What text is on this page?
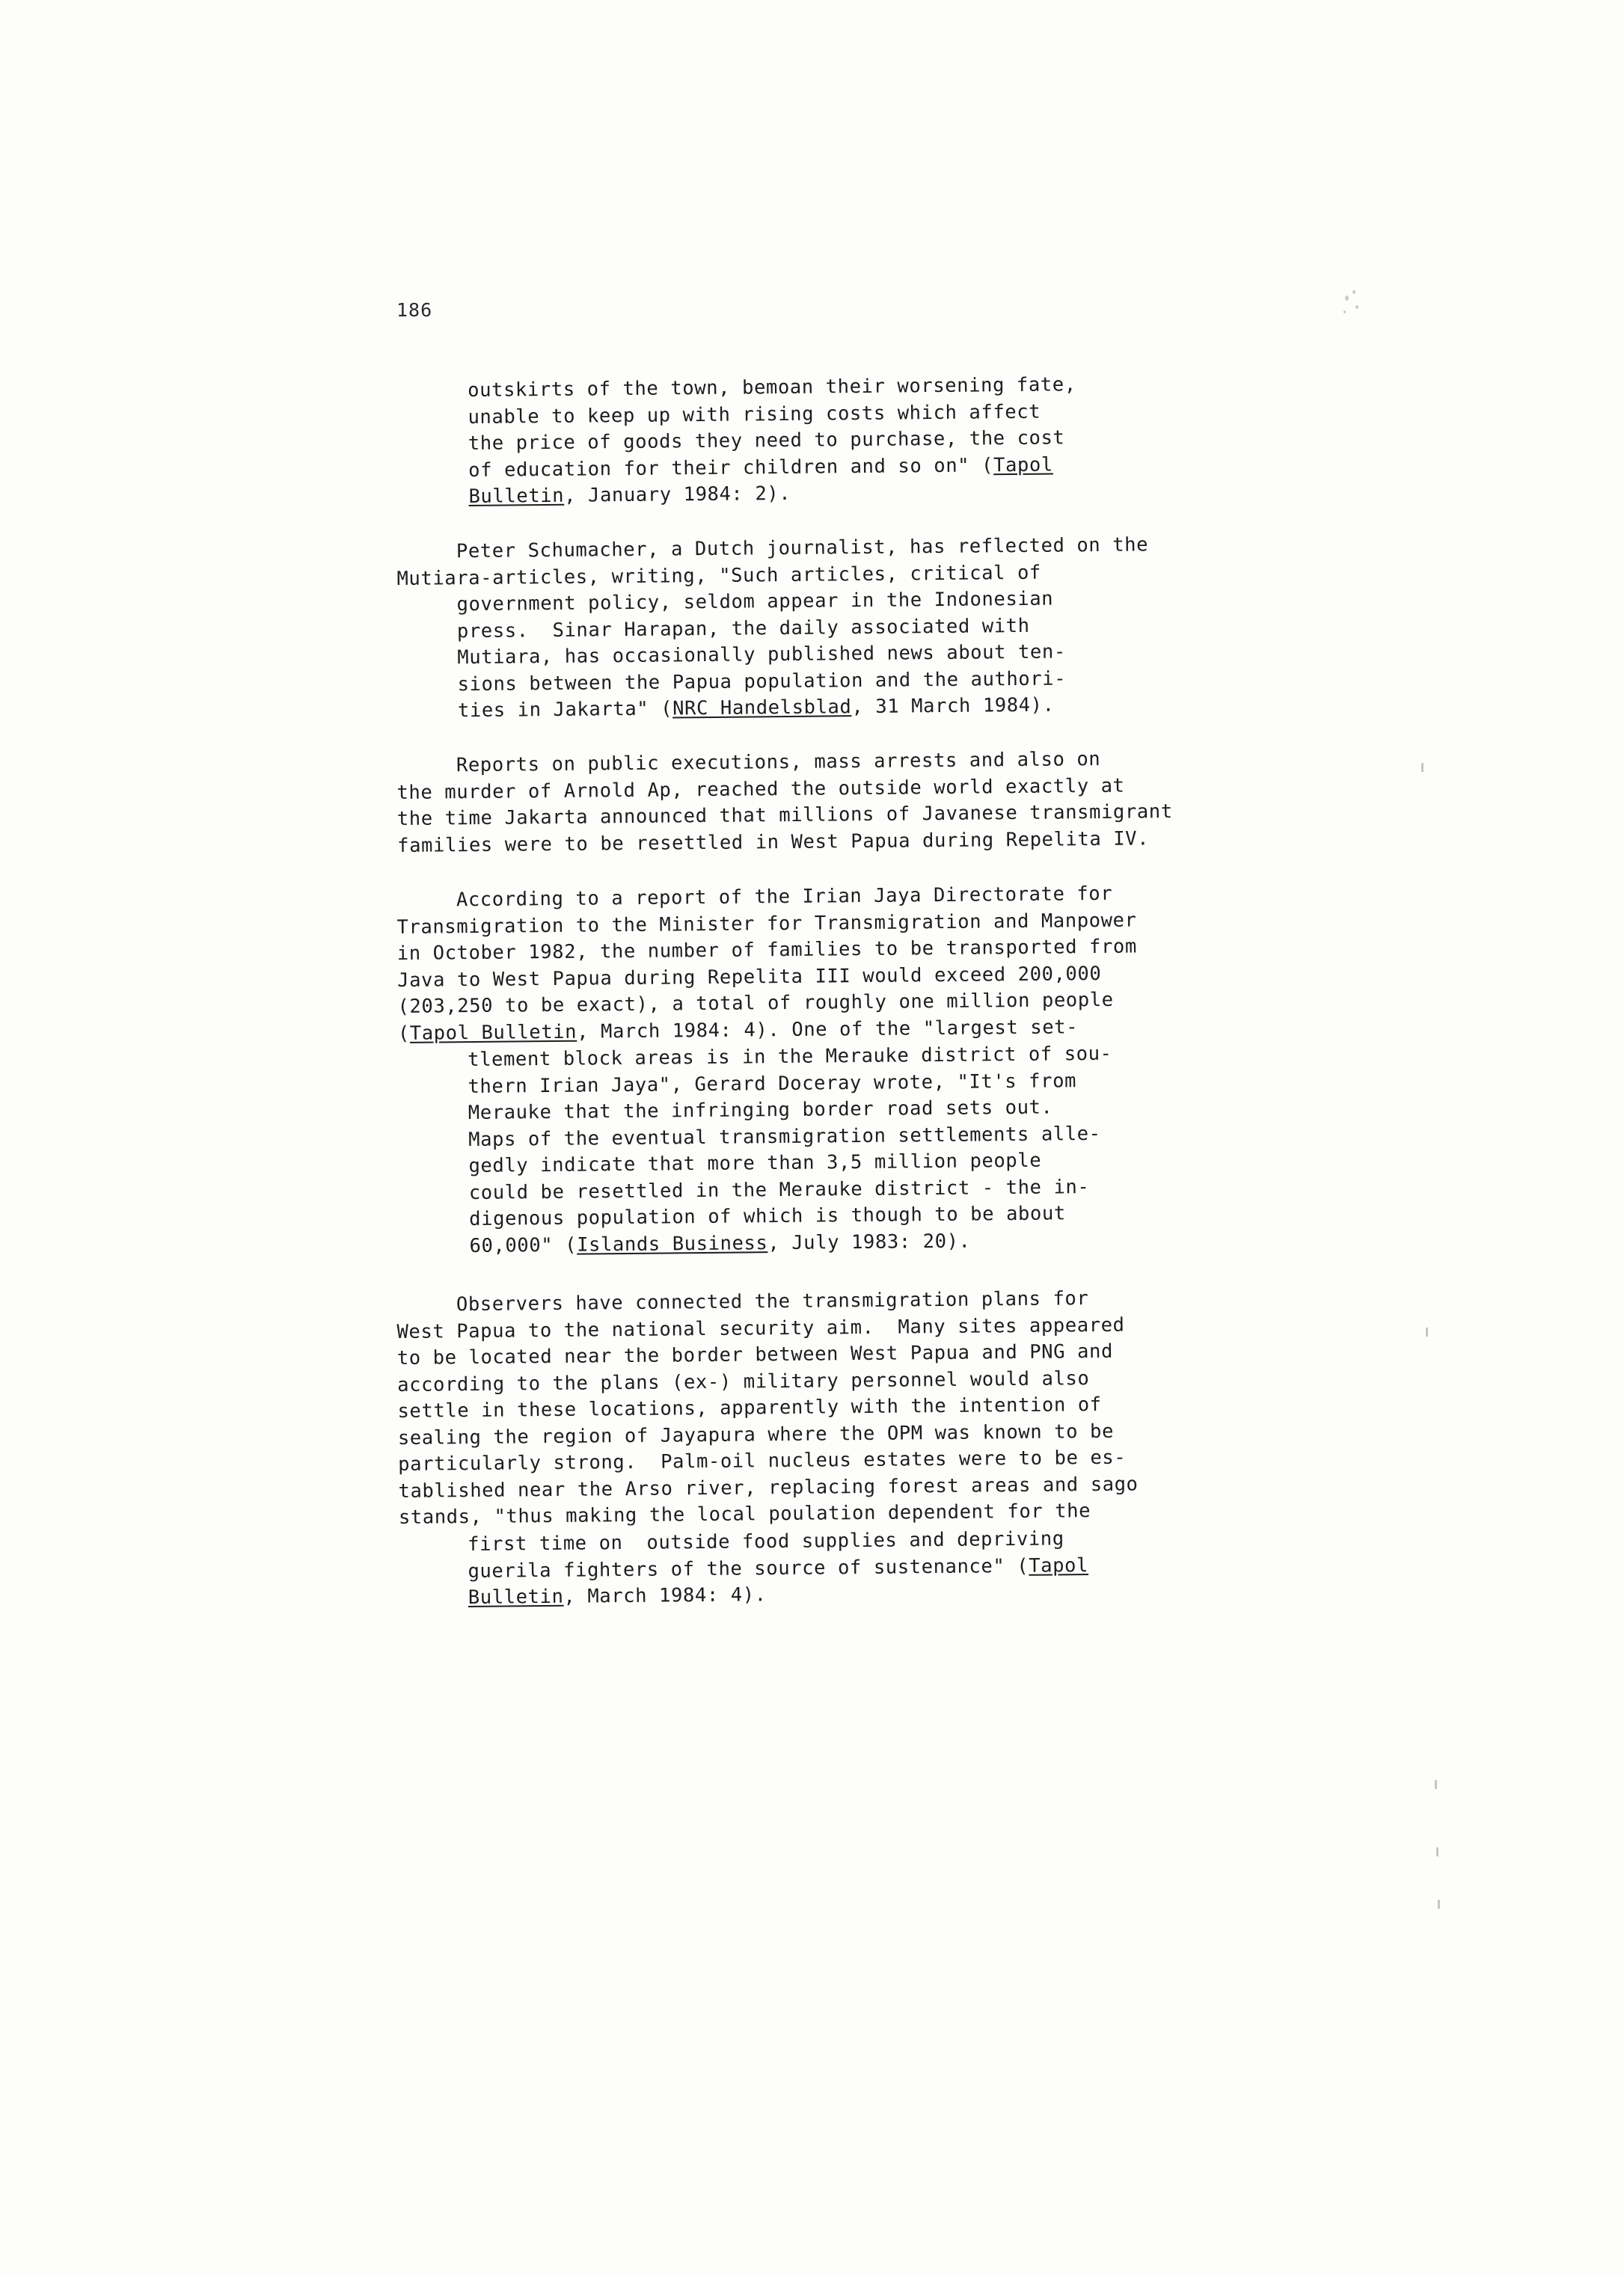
186
outskirts of the town, bemoan their worsening fate,
unable to keep up with rising costs which affect
the price of goods they need to purchase, the cost
of education for their children and so on" (Tapol
Bulletin, January 1984: 2).
Peter Schumacher, a Dutch journalist, has reflected on the
Mutiara-articles, writing, "Such articles, critical of
government policy, seldom appear in the Indonesian
press.  Sinar Harapan, the daily associated with
Mutiara, has occasionally published news about ten-
sions between the Papua population and the authori-
ties in Jakarta" (NRC Handelsblad, 31 March 1984).
Reports on public executions, mass arrests and also on
the murder of Arnold Ap, reached the outside world exactly at
the time Jakarta announced that millions of Javanese transmigrant
families were to be resettled in West Papua during Repelita IV.
According to a report of the Irian Jaya Directorate for
Transmigration to the Minister for Transmigration and Manpower
in October 1982, the number of families to be transported from
Java to West Papua during Repelita III would exceed 200,000
(203,250 to be exact), a total of roughly one million people
(Tapol Bulletin, March 1984: 4). One of the "largest set-
tlement block areas is in the Merauke district of sou-
thern Irian Jaya", Gerard Doceray wrote, "It's from
Merauke that the infringing border road sets out.
Maps of the eventual transmigration settlements alle-
gedly indicate that more than 3,5 million people
could be resettled in the Merauke district - the in-
digenous population of which is though to be about
60,000" (Islands Business, July 1983: 20).
Observers have connected the transmigration plans for
West Papua to the national security aim.  Many sites appeared
to be located near the border between West Papua and PNG and
according to the plans (ex-) military personnel would also
settle in these locations, apparently with the intention of
sealing the region of Jayapura where the OPM was known to be
particularly strong.  Palm-oil nucleus estates were to be es-
tablished near the Arso river, replacing forest areas and sago
stands, "thus making the local poulation dependent for the
first time on  outside food supplies and depriving
guerila fighters of the source of sustenance" (Tapol
Bulletin, March 1984: 4).
